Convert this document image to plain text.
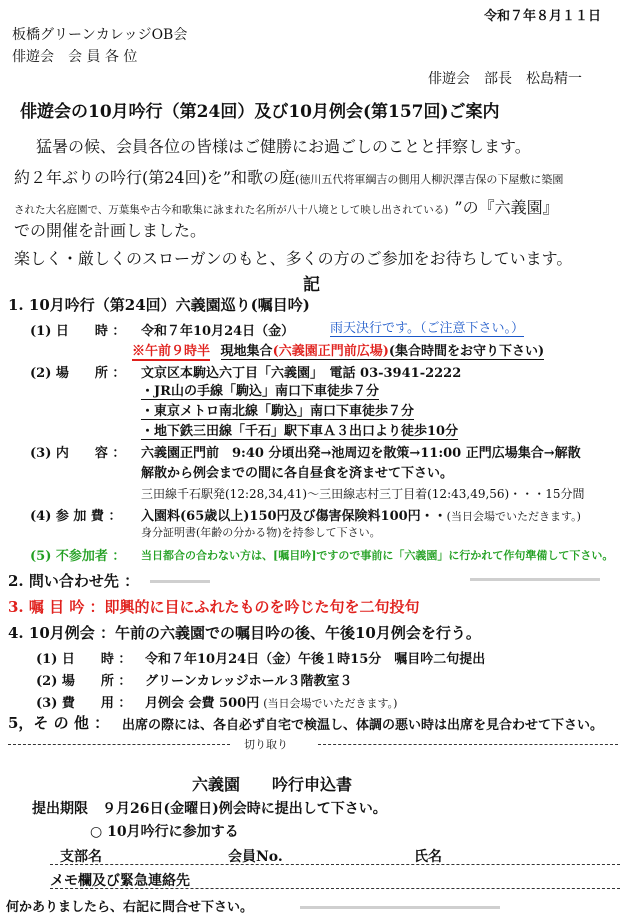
令和７年８月１１日
板橋グリーンカレッジOB会
俳遊会　会 員 各 位
俳遊会　部長　松島精一
俳遊会の10月吟行（第24回）及び10月例会(第157回)ご案内
猛暑の候、会員各位の皆様はご健勝にお過ごしのことと拝察します。
約２年ぶりの吟行(第24回)を”和歌の庭(徳川五代将軍綱吉の側用人柳沢澤吉保の下屋敷に築園
された大名庭園で、万葉集や古今和歌集に詠まれた名所が八十八境として映し出されている) ”の『六義園』
での開催を計画しました。
楽しく・厳しくのスローガンのもと、多くの方のご参加をお待ちしています。
記
1. 10月吟行（第24回）六義園巡り(嘱目吟)
(1) 日　　時 ： 令和７年10月24日（金）	雨天決行です。（ご注意下さい。）
※午前９時半 現地集合(六義園正門前広場)(集合時間をお守り下さい)
(2) 場　　所 ： 文京区本駒込六丁目「六義園」　電話 03-3941-2222
・JR山の手線「駒込」南口下車徒歩７分
・東京メトロ南北線「駒込」南口下車徒歩７分
・地下鉄三田線「千石」駅下車Ａ３出口より徒歩10分
(3) 内　　容 ： 六義園正門前　9:40 分頃出発→池周辺を散策→11:00 正門広場集合→解散
解散から例会までの間に各自昼食を済ませて下さい。
三田線千石駅発(12:28,34,41)～三田線志村三丁目着(12:43,49,56)・・・15分間
(4) 参 加 費 ： 入園料(65歳以上)150円及び傷害保険料100円・・(当日会場でいただきます。)
身分証明書(年齢の分かる物)を持参して下さい。
(5) 不参加者 ： 当日都合の合わない方は、[嘱目吟]ですので事前に「六義園」に行かれて作句準備して下さい。
2. 問い合わせ先 ：
3. 嘱 目 吟 ：即興的に目にふれたものを吟じた句を二句投句
4. 10月例会 ：午前の六義園での嘱目吟の後、午後10月例会を行う。
(1) 日　　時 ： 令和７年10月24日（金）午後１時15分　嘱目吟二句提出
(2) 場　　所 ： グリーンカレッジホール３階教室３
(3) 費　　用 ： 月例会 会費 500円 (当日会場でいただきます。)
5，そ の 他 ： 出席の際には、各自必ず自宅で検温し、体調の悪い時は出席を見合わせて下さい。
切り取り
六義園　　吟行申込書
提出期限　９月26日(金曜日)例会時に提出して下さい。
○ 10月吟行に参加する
支部名	会員No.	氏名
メモ欄及び緊急連絡先
何かありましたら、右記に問合せ下さい。
